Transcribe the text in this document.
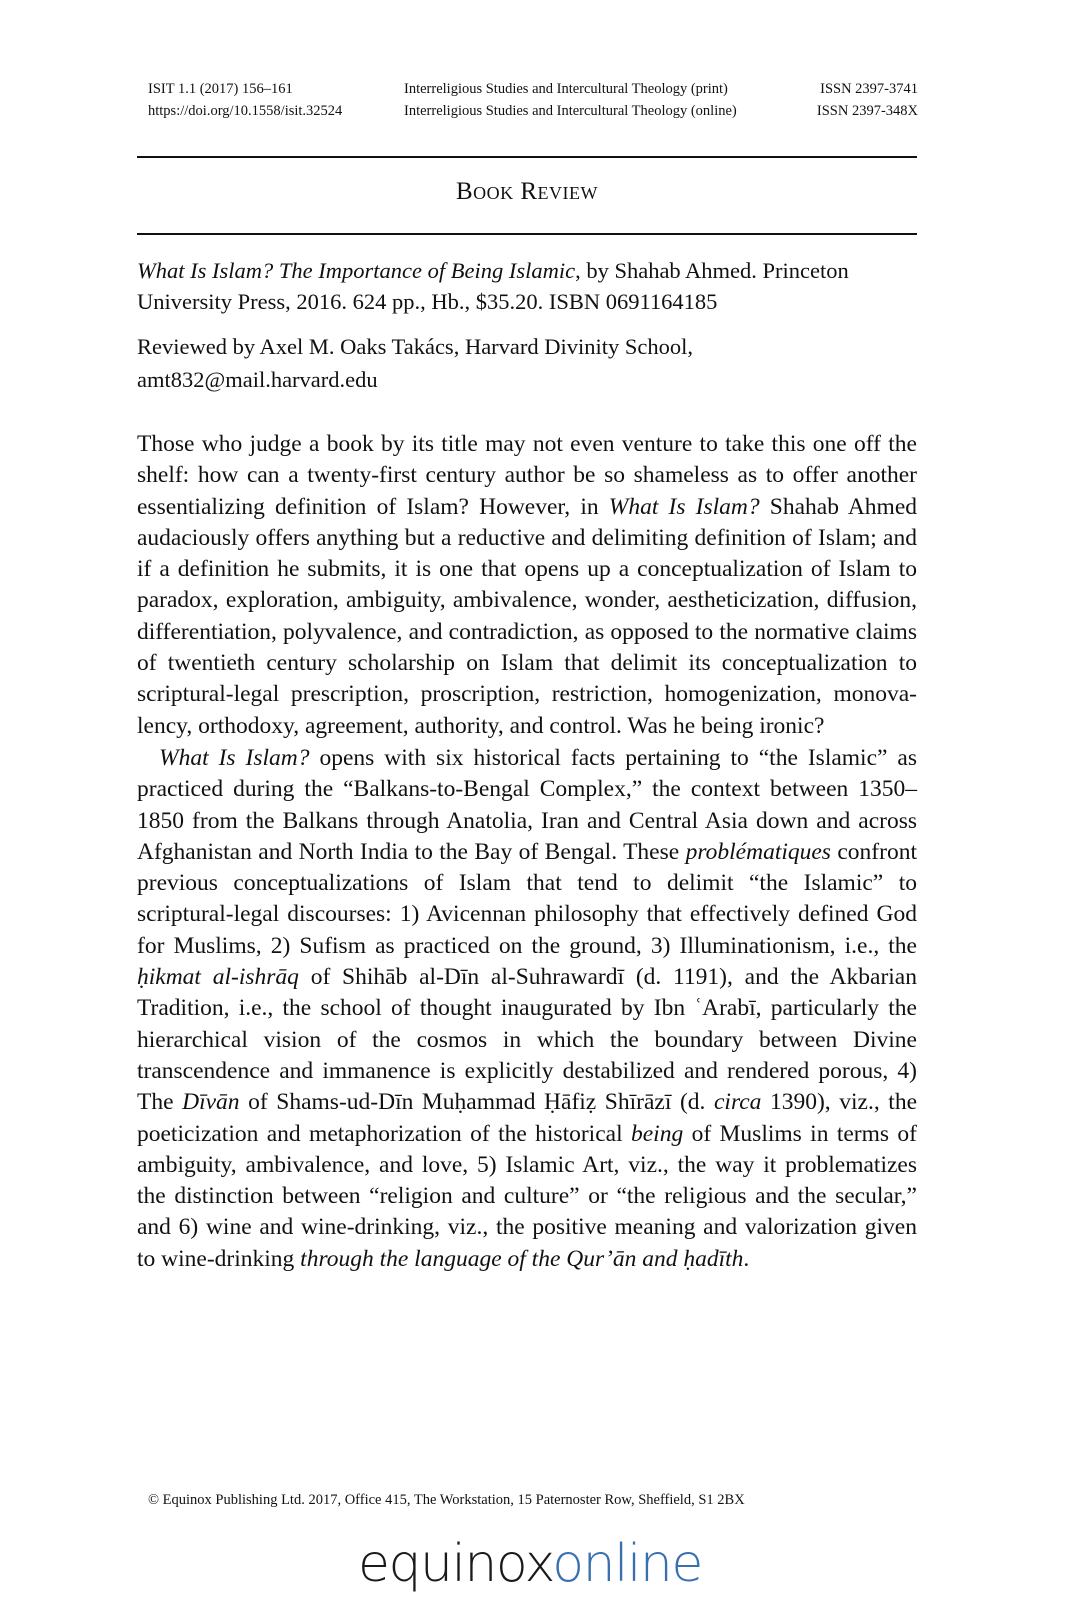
ISIT 1.1 (2017) 156–161
https://doi.org/10.1558/isit.32524
Interreligious Studies and Intercultural Theology (print)
Interreligious Studies and Intercultural Theology (online)
ISSN 2397-3741
ISSN 2397-348X
Book Review
What Is Islam? The Importance of Being Islamic, by Shahab Ahmed. Princeton University Press, 2016. 624 pp., Hb., $35.20. ISBN 0691164185
Reviewed by Axel M. Oaks Takács, Harvard Divinity School,
amt832@mail.harvard.edu

Those who judge a book by its title may not even venture to take this one off the shelf: how can a twenty-first century author be so shameless as to offer another essentializing definition of Islam? However, in What Is Islam? Shahab Ahmed audaciously offers anything but a reductive and delimiting definition of Islam; and if a definition he submits, it is one that opens up a conceptualization of Islam to paradox, exploration, ambiguity, ambivalence, wonder, aestheticization, diffusion, differentiation, polyvalence, and contradiction, as opposed to the normative claims of twentieth century scholarship on Islam that delimit its conceptualization to scriptural-legal prescription, proscription, restriction, homogenization, monovalency, orthodoxy, agreement, authority, and control. Was he being ironic?

What Is Islam? opens with six historical facts pertaining to “the Islamic” as practiced during the “Balkans-to-Bengal Complex,” the context between 1350–1850 from the Balkans through Anatolia, Iran and Central Asia down and across Afghanistan and North India to the Bay of Bengal. These problématiques confront previous conceptualizations of Islam that tend to delimit “the Islamic” to scriptural-legal discourses: 1) Avicennan philosophy that effectively defined God for Muslims, 2) Sufism as practiced on the ground, 3) Illuminationism, i.e., the ḥikmat al-ishrāq of Shihāb al-Dīn al-Suhrawardī (d. 1191), and the Akbarian Tradition, i.e., the school of thought inaugurated by Ibn ʿArabī, particularly the hierarchical vision of the cosmos in which the boundary between Divine transcendence and immanence is explicitly destabilized and rendered porous, 4) The Dīvān of Shams-ud-Dīn Muḥammad Ḥāfiẓ Shīrāzī (d. circa 1390), viz., the poeticization and metaphorization of the historical being of Muslims in terms of ambiguity, ambivalence, and love, 5) Islamic Art, viz., the way it problematizes the distinction between “religion and culture” or “the religious and the secular,” and 6) wine and wine-drinking, viz., the positive meaning and valorization given to wine-drinking through the language of the Qur’ān and ḥadīth.

© Equinox Publishing Ltd. 2017, Office 415, The Workstation, 15 Paternoster Row, Sheffield, S1 2BX
equinoxonline
